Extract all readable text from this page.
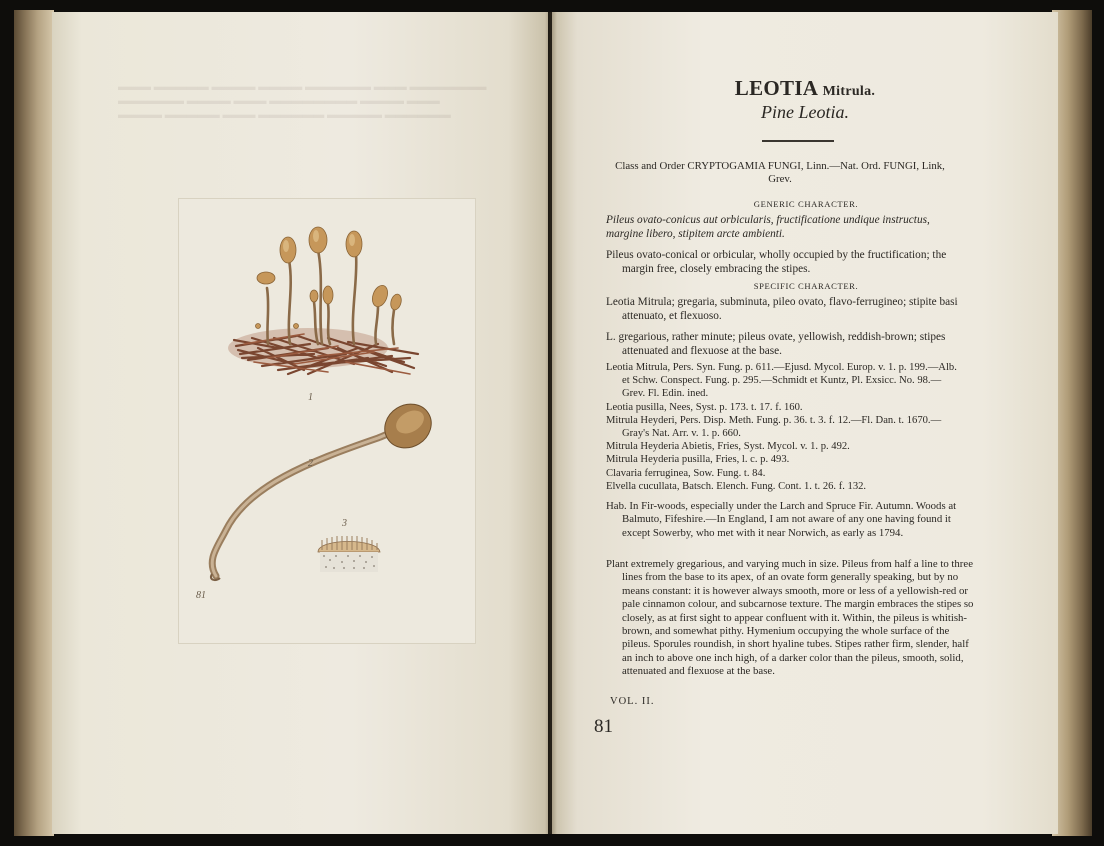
▬▬▬ ▬▬▬▬▬ ▬▬▬▬ ▬▬▬▬ ▬▬▬▬▬▬ ▬▬▬ ▬▬▬▬▬▬▬
▬▬▬▬▬▬ ▬▬▬▬ ▬▬▬ ▬▬▬▬▬▬▬▬ ▬▬▬▬ ▬▬▬
▬▬▬▬ ▬▬▬▬▬ ▬▬▬ ▬▬▬▬▬▬ ▬▬▬▬▬ ▬▬▬▬▬▬
1
2
3
81
LEOTIA Mitrula.
Pine Leotia.
Class and Order CRYPTOGAMIA FUNGI, Linn.—Nat. Ord. FUNGI, Link, Grev.
GENERIC CHARACTER.
Pileus ovato-conicus aut orbicularis, fructificatione undique instructus, margine libero, stipitem arcte ambienti.
Pileus ovato-conical or orbicular, wholly occupied by the fructification; the margin free, closely embracing the stipes.
SPECIFIC CHARACTER.
Leotia Mitrula; gregaria, subminuta, pileo ovato, flavo-ferrugineo; stipite basi attenuato, et flexuoso.
L. gregarious, rather minute; pileus ovate, yellowish, reddish-brown; stipes attenuated and flexuose at the base.
Leotia Mitrula, Pers. Syn. Fung. p. 611.—Ejusd. Mycol. Europ. v. 1. p. 199.—Alb. et Schw. Conspect. Fung. p. 295.—Schmidt et Kuntz, Pl. Exsicc. No. 98.—Grev. Fl. Edin. ined.
Leotia pusilla, Nees, Syst. p. 173. t. 17. f. 160.
Mitrula Heyderi, Pers. Disp. Meth. Fung. p. 36. t. 3. f. 12.—Fl. Dan. t. 1670.—Gray's Nat. Arr. v. 1. p. 660.
Mitrula Heyderia Abietis, Fries, Syst. Mycol. v. 1. p. 492.
Mitrula Heyderia pusilla, Fries, l. c. p. 493.
Clavaria ferruginea, Sow. Fung. t. 84.
Elvella cucullata, Batsch. Elench. Fung. Cont. 1. t. 26. f. 132.
Hab. In Fir-woods, especially under the Larch and Spruce Fir. Autumn. Woods at Balmuto, Fifeshire.—In England, I am not aware of any one having found it except Sowerby, who met with it near Norwich, as early as 1794.
Plant extremely gregarious, and varying much in size. Pileus from half a line to three lines from the base to its apex, of an ovate form generally speaking, but by no means constant: it is however always smooth, more or less of a yellowish-red or pale cinnamon colour, and subcarnose texture. The margin embraces the stipes so closely, as at first sight to appear confluent with it. Within, the pileus is whitish-brown, and somewhat pithy. Hymenium occupying the whole surface of the pileus. Sporules roundish, in short hyaline tubes. Stipes rather firm, slender, half an inch to above one inch high, of a darker color than the pileus, smooth, solid, attenuated and flexuose at the base.
VOL. II.
81
